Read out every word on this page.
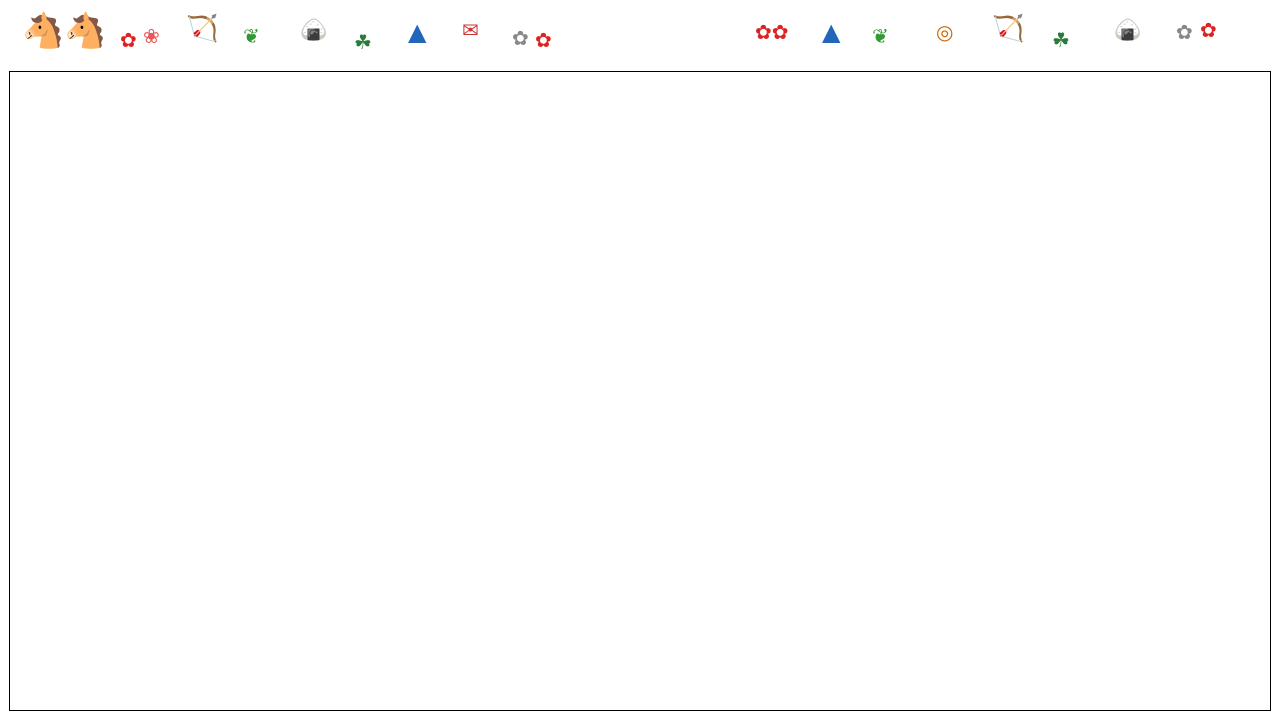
🐴🐴 ✿ ❀ 🏹 ❦ 🍙 ☘ ▲ ✉ ✿ ✿	✿✿ ▲ ❦ ◎ 🏹 ☘ 🍙 ✿ ✿
